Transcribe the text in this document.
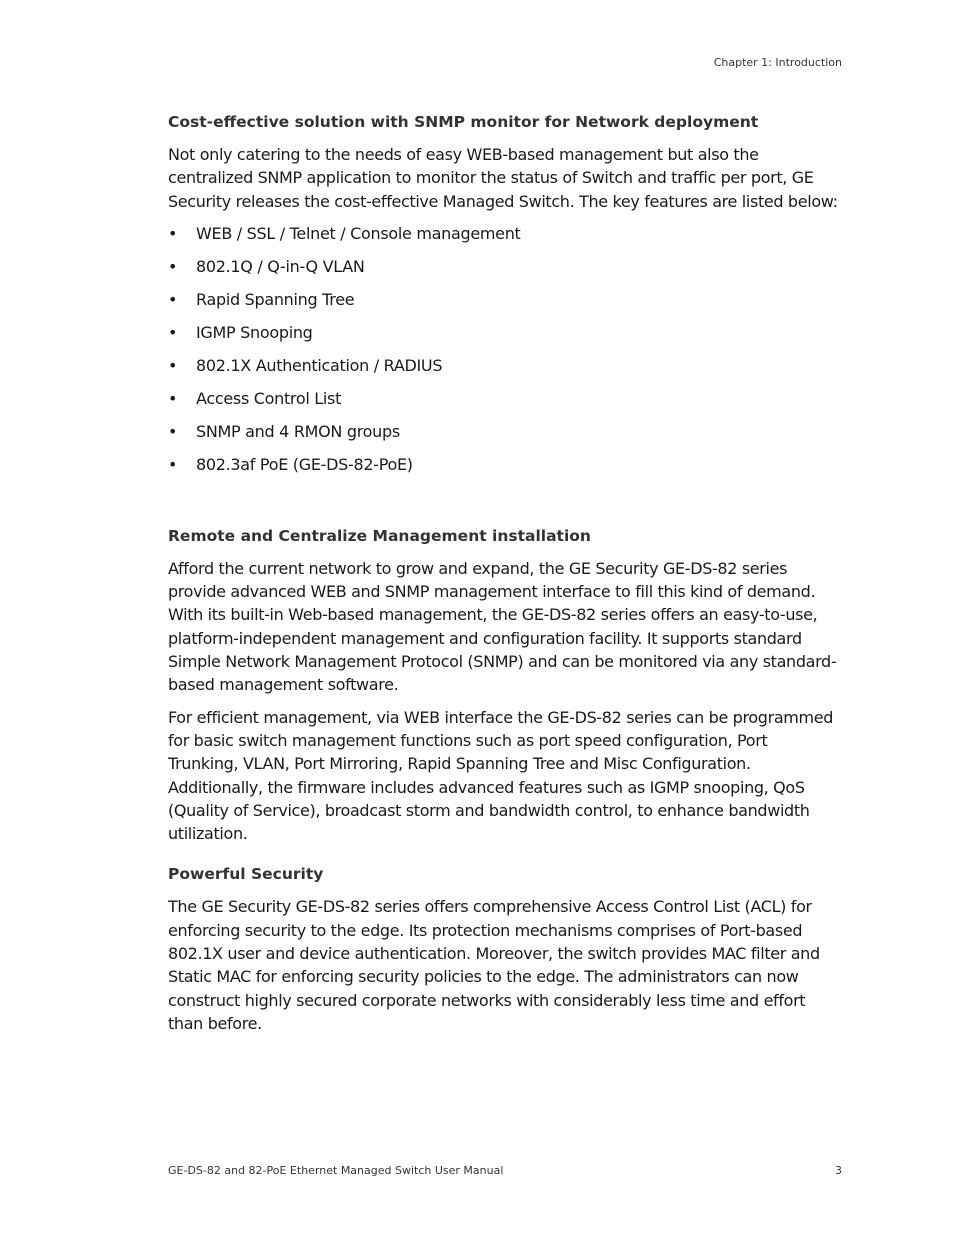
Chapter 1: Introduction
Cost-effective solution with SNMP monitor for Network deployment

Not only catering to the needs of easy WEB-based management but also the centralized SNMP application to monitor the status of Switch and traffic per port, GE Security releases the cost-effective Managed Switch. The key features are listed below:

• WEB / SSL / Telnet / Console management
• 802.1Q / Q-in-Q VLAN
• Rapid Spanning Tree
• IGMP Snooping
• 802.1X Authentication / RADIUS
• Access Control List
• SNMP and 4 RMON groups
• 802.3af PoE (GE-DS-82-PoE)
Remote and Centralize Management installation

Afford the current network to grow and expand, the GE Security GE-DS-82 series provide advanced WEB and SNMP management interface to fill this kind of demand. With its built-in Web-based management, the GE-DS-82 series offers an easy-to-use, platform-independent management and configuration facility. It supports standard Simple Network Management Protocol (SNMP) and can be monitored via any standard-based management software.

For efficient management, via WEB interface the GE-DS-82 series can be programmed for basic switch management functions such as port speed configuration, Port Trunking, VLAN, Port Mirroring, Rapid Spanning Tree and Misc Configuration. Additionally, the firmware includes advanced features such as IGMP snooping, QoS (Quality of Service), broadcast storm and bandwidth control, to enhance bandwidth utilization.

Powerful Security

The GE Security GE-DS-82 series offers comprehensive Access Control List (ACL) for enforcing security to the edge. Its protection mechanisms comprises of Port-based 802.1X user and device authentication. Moreover, the switch provides MAC filter and Static MAC for enforcing security policies to the edge. The administrators can now construct highly secured corporate networks with considerably less time and effort than before.

GE-DS-82 and 82-PoE Ethernet Managed Switch User Manual	3
